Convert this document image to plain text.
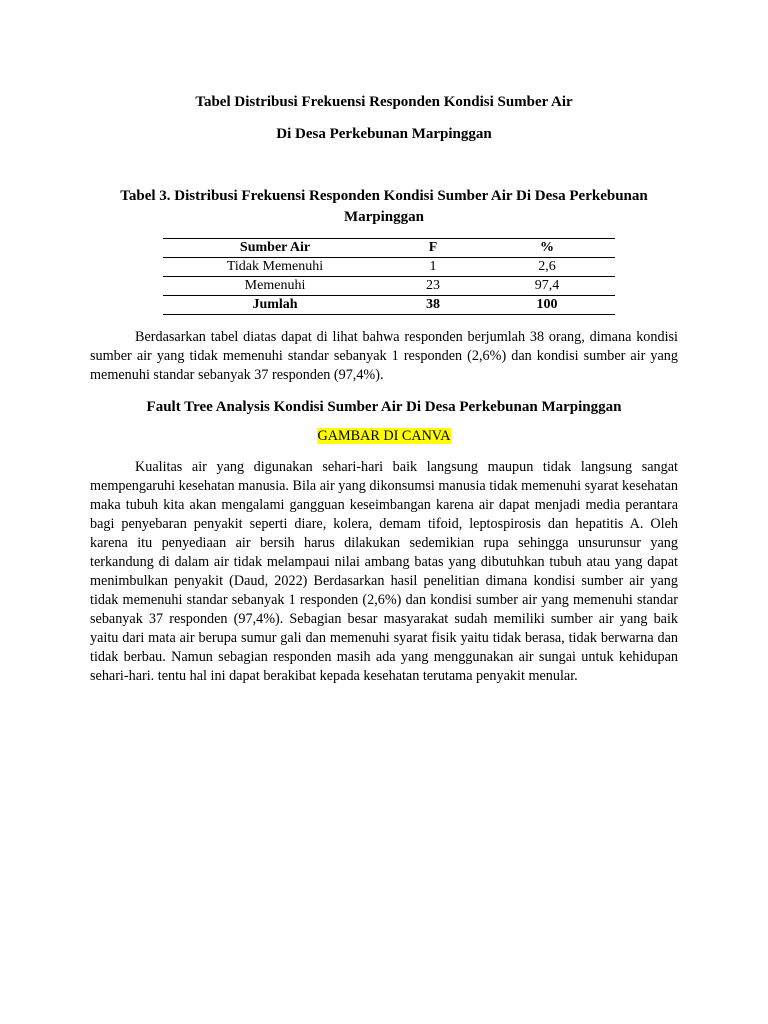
Tabel Distribusi Frekuensi Responden Kondisi Sumber Air
Di Desa Perkebunan Marpinggan
Tabel 3. Distribusi Frekuensi Responden Kondisi Sumber Air Di Desa Perkebunan Marpinggan
Sumber Air	F	%
Tidak Memenuhi	1	2,6
Memenuhi	23	97,4
Jumlah	38	100

Berdasarkan tabel diatas dapat di lihat bahwa responden berjumlah 38 orang, dimana kondisi sumber air yang tidak memenuhi standar sebanyak 1 responden (2,6%) dan kondisi sumber air yang memenuhi standar sebanyak 37 responden (97,4%).

Fault Tree Analysis Kondisi Sumber Air Di Desa Perkebunan Marpinggan
GAMBAR DI CANVA

Kualitas air yang digunakan sehari-hari baik langsung maupun tidak langsung sangat mempengaruhi kesehatan manusia. Bila air yang dikonsumsi manusia tidak memenuhi syarat kesehatan maka tubuh kita akan mengalami gangguan keseimbangan karena air dapat menjadi media perantara bagi penyebaran penyakit seperti diare, kolera, demam tifoid, leptospirosis dan hepatitis A. Oleh karena itu penyediaan air bersih harus dilakukan sedemikian rupa sehingga unsurunsur yang terkandung di dalam air tidak melampaui nilai ambang batas yang dibutuhkan tubuh atau yang dapat menimbulkan penyakit (Daud, 2022) Berdasarkan hasil penelitian dimana kondisi sumber air yang tidak memenuhi standar sebanyak 1 responden (2,6%) dan kondisi sumber air yang memenuhi standar sebanyak 37 responden (97,4%). Sebagian besar masyarakat sudah memiliki sumber air yang baik yaitu dari mata air berupa sumur gali dan memenuhi syarat fisik yaitu tidak berasa, tidak berwarna dan tidak berbau. Namun sebagian responden masih ada yang menggunakan air sungai untuk kehidupan sehari-hari. tentu hal ini dapat berakibat kepada kesehatan terutama penyakit menular.
